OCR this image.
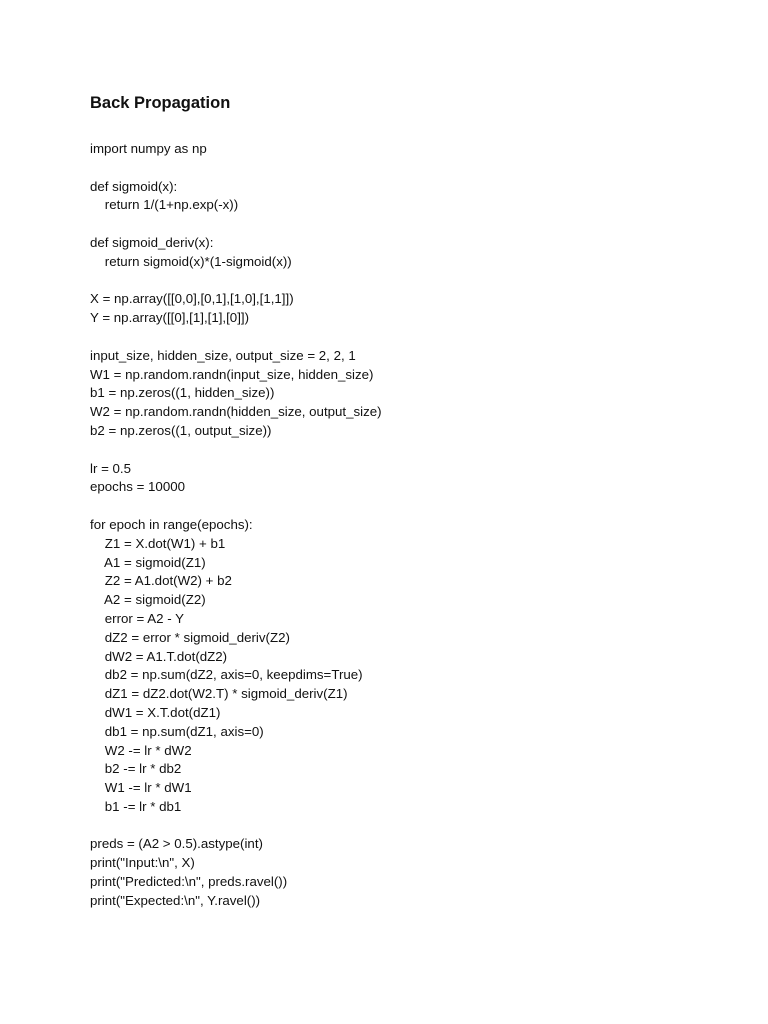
Back Propagation
import numpy as np
def sigmoid(x):
return 1/(1+np.exp(-x))
def sigmoid_deriv(x):
return sigmoid(x)*(1-sigmoid(x))
X = np.array([[0,0],[0,1],[1,0],[1,1]])
Y = np.array([[0],[1],[1],[0]])
input_size, hidden_size, output_size = 2, 2, 1
W1 = np.random.randn(input_size, hidden_size)
b1 = np.zeros((1, hidden_size))
W2 = np.random.randn(hidden_size, output_size)
b2 = np.zeros((1, output_size))
lr = 0.5
epochs = 10000
for epoch in range(epochs):
Z1 = X.dot(W1) + b1
A1 = sigmoid(Z1)
Z2 = A1.dot(W2) + b2
A2 = sigmoid(Z2)
error = A2 - Y
dZ2 = error * sigmoid_deriv(Z2)
dW2 = A1.T.dot(dZ2)
db2 = np.sum(dZ2, axis=0, keepdims=True)
dZ1 = dZ2.dot(W2.T) * sigmoid_deriv(Z1)
dW1 = X.T.dot(dZ1)
db1 = np.sum(dZ1, axis=0)
W2 -= lr * dW2
b2 -= lr * db2
W1 -= lr * dW1
b1 -= lr * db1
preds = (A2 > 0.5).astype(int)
print("Input:\n", X)
print("Predicted:\n", preds.ravel())
print("Expected:\n", Y.ravel())
